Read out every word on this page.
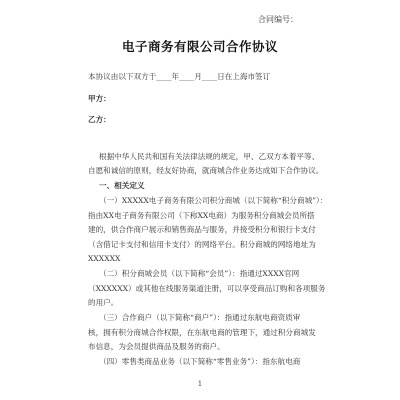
合同编号：
电子商务有限公司合作协议
本协议由以下双方于____年____月____日在上海市签订
甲方：
乙方：
根据中华人民共和国有关法律法规的规定，甲、乙双方本着平等、
自愿和诚信的原则，经友好协商，就商城合作业务达成如下合作协议。
一、相关定义
（一）XXXXX电子商务有限公司积分商城（以下简称“积分商城”）：
指由XX电子商务有限公司（下称XX电商）为服务积分商城会员所搭
建的，供合作商户展示和销售商品与服务，并接受积分和银行卡支付
（含借记卡支付和信用卡支付）的网络平台。积分商城的网络地址为
XXXXXX
（二）积分商城会员（以下简称“会员”）：指通过XXXX官网
（XXXXXX）或其他在线服务渠道注册，可以享受商品订购和各项服务
的用户。
（三）合作商户（以下简称“商户”）：指通过东航电商资质审
核，拥有积分商城合作权限，在东航电商的管理下，通过积分商城发
布信息，为会员提供商品及服务的商户。
（四）零售类商品业务（以下简称“零售业务”）：指东航电商
1
